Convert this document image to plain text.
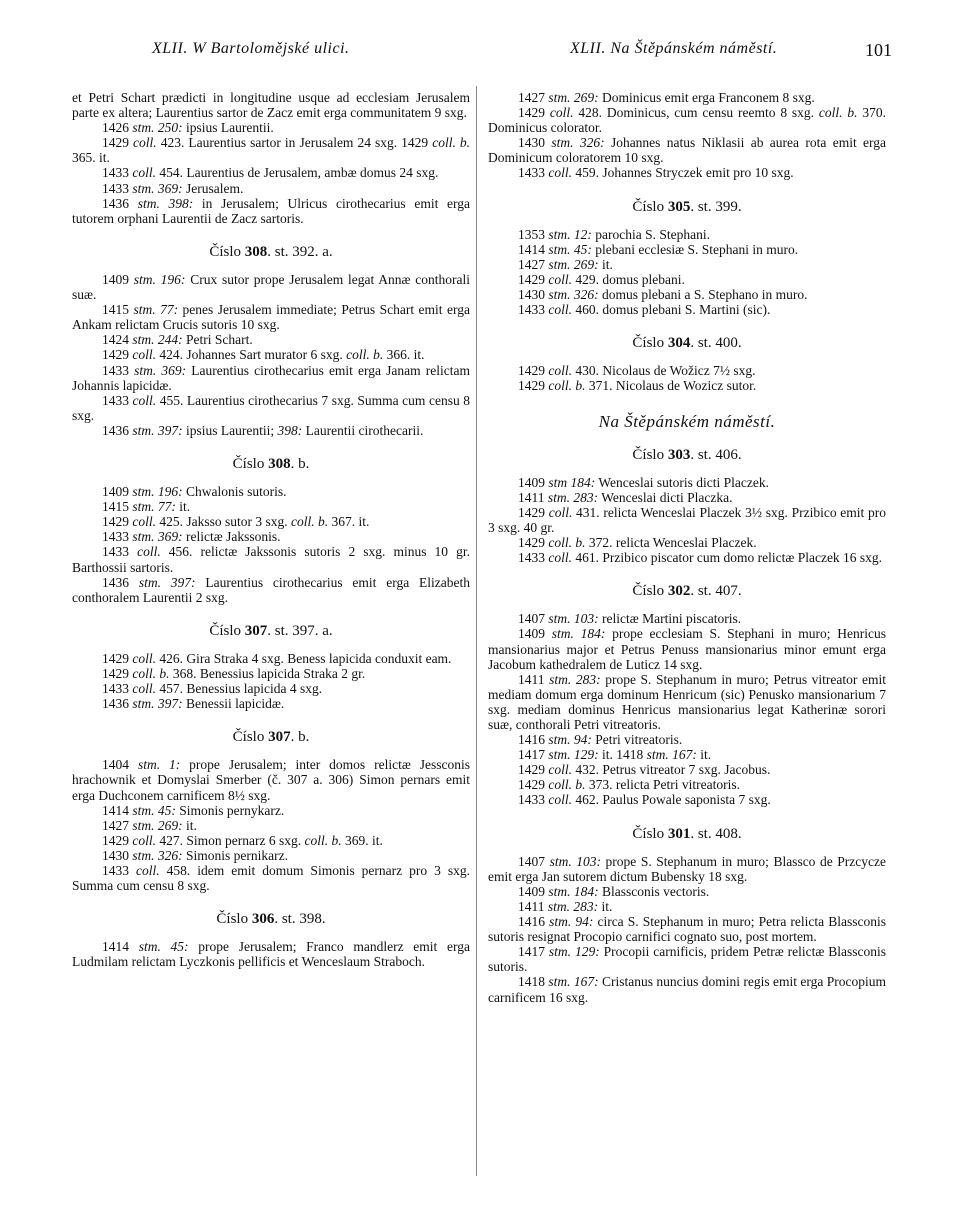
XLII. W Bartolomějské ulici.	XLII. Na Štěpánském náměstí.	101

et Petri Schart prædicti in longitudine usque ad ecclesiam Jerusalem parte ex altera; Laurentius sartor de Zacz emit erga communitatem 9 sxg.

1426 stm. 250: ipsius Laurentii.

1429 coll. 423. Laurentius sartor in Jerusalem 24 sxg. 1429 coll. b. 365. it.

1433 coll. 454. Laurentius de Jerusalem, ambæ domus 24 sxg.

1433 stm. 369: Jerusalem.

1436 stm. 398: in Jerusalem; Ulricus cirothecarius emit erga tutorem orphani Laurentii de Zacz sartoris.

Číslo 308. st. 392. a.

1409 stm. 196: Crux sutor prope Jerusalem legat Annæ conthorali suæ.

1415 stm. 77: penes Jerusalem immediate; Petrus Schart emit erga Ankam relictam Crucis sutoris 10 sxg.

1424 stm. 244: Petri Schart.

1429 coll. 424. Johannes Sart murator 6 sxg. coll. b. 366. it.

1433 stm. 369: Laurentius cirothecarius emit erga Janam relictam Johannis lapicidæ.

1433 coll. 455. Laurentius cirothecarius 7 sxg. Summa cum censu 8 sxg.

1436 stm. 397: ipsius Laurentii; 398: Laurentii cirothecarii.

Číslo 308. b.

1409 stm. 196: Chwalonis sutoris.

1415 stm. 77: it.

1429 coll. 425. Jaksso sutor 3 sxg. coll. b. 367. it.

1433 stm. 369: relictæ Jakssonis.

1433 coll. 456. relictæ Jakssonis sutoris 2 sxg. minus 10 gr. Barthossii sartoris.

1436 stm. 397: Laurentius cirothecarius emit erga Elizabeth conthoralem Laurentii 2 sxg.

Číslo 307. st. 397. a.

1429 coll. 426. Gira Straka 4 sxg. Beness lapicida conduxit eam.

1429 coll. b. 368. Benessius lapicida Straka 2 gr.

1433 coll. 457. Benessius lapicida 4 sxg.

1436 stm. 397: Benessii lapicidæ.

Číslo 307. b.

1404 stm. 1: prope Jerusalem; inter domos relictæ Jessconis hrachownik et Domyslai Smerber (č. 307 a. 306) Simon pernars emit erga Duchconem carnificem 8½ sxg.

1414 stm. 45: Simonis pernykarz.

1427 stm. 269: it.

1429 coll. 427. Simon pernarz 6 sxg. coll. b. 369. it.

1430 stm. 326: Simonis pernikarz.

1433 coll. 458. idem emit domum Simonis pernarz pro 3 sxg. Summa cum censu 8 sxg.

Číslo 306. st. 398.

1414 stm. 45: prope Jerusalem; Franco mandlerz emit erga Ludmilam relictam Lyczkonis pellificis et Wenceslaum Straboch.

1427 stm. 269: Dominicus emit erga Franconem 8 sxg.

1429 coll. 428. Dominicus, cum censu reemto 8 sxg. coll. b. 370. Dominicus colorator.

1430 stm. 326: Johannes natus Niklasii ab aurea rota emit erga Dominicum coloratorem 10 sxg.

1433 coll. 459. Johannes Stryczek emit pro 10 sxg.

Číslo 305. st. 399.

1353 stm. 12: parochia S. Stephani.

1414 stm. 45: plebani ecclesiæ S. Stephani in muro.

1427 stm. 269: it.

1429 coll. 429. domus plebani.

1430 stm. 326: domus plebani a S. Stephano in muro.

1433 coll. 460. domus plebani S. Martini (sic).

Číslo 304. st. 400.

1429 coll. 430. Nicolaus de Wožicz 7½ sxg.

1429 coll. b. 371. Nicolaus de Wozicz sutor.

Na Štěpánském náměstí.
Číslo 303. st. 406.

1409 stm 184: Wenceslai sutoris dicti Placzek.

1411 stm. 283: Wenceslai dicti Placzka.

1429 coll. 431. relicta Wenceslai Placzek 3½ sxg. Przibico emit pro 3 sxg. 40 gr.

1429 coll. b. 372. relicta Wenceslai Placzek.

1433 coll. 461. Przibico piscator cum domo relictæ Placzek 16 sxg.

Číslo 302. st. 407.

1407 stm. 103: relictæ Martini piscatoris.

1409 stm. 184: prope ecclesiam S. Stephani in muro; Henricus mansionarius major et Petrus Penuss mansionarius minor emunt erga Jacobum kathedralem de Luticz 14 sxg.

1411 stm. 283: prope S. Stephanum in muro; Petrus vitreator emit mediam domum erga dominum Henricum (sic) Penusko mansionarium 7 sxg. mediam dominus Henricus mansionarius legat Katherinæ sorori suæ, conthorali Petri vitreatoris.

1416 stm. 94: Petri vitreatoris.

1417 stm. 129: it. 1418 stm. 167: it.

1429 coll. 432. Petrus vitreator 7 sxg. Jacobus.

1429 coll. b. 373. relicta Petri vitreatoris.

1433 coll. 462. Paulus Powale saponista 7 sxg.

Číslo 301. st. 408.

1407 stm. 103: prope S. Stephanum in muro; Blassco de Przcycze emit erga Jan sutorem dictum Bubensky 18 sxg.

1409 stm. 184: Blassconis vectoris.

1411 stm. 283: it.

1416 stm. 94: circa S. Stephanum in muro; Petra relicta Blassconis sutoris resignat Procopio carnifici cognato suo, post mortem.

1417 stm. 129: Procopii carnificis, pridem Petræ relictæ Blassconis sutoris.

1418 stm. 167: Cristanus nuncius domini regis emit erga Procopium carnificem 16 sxg.
